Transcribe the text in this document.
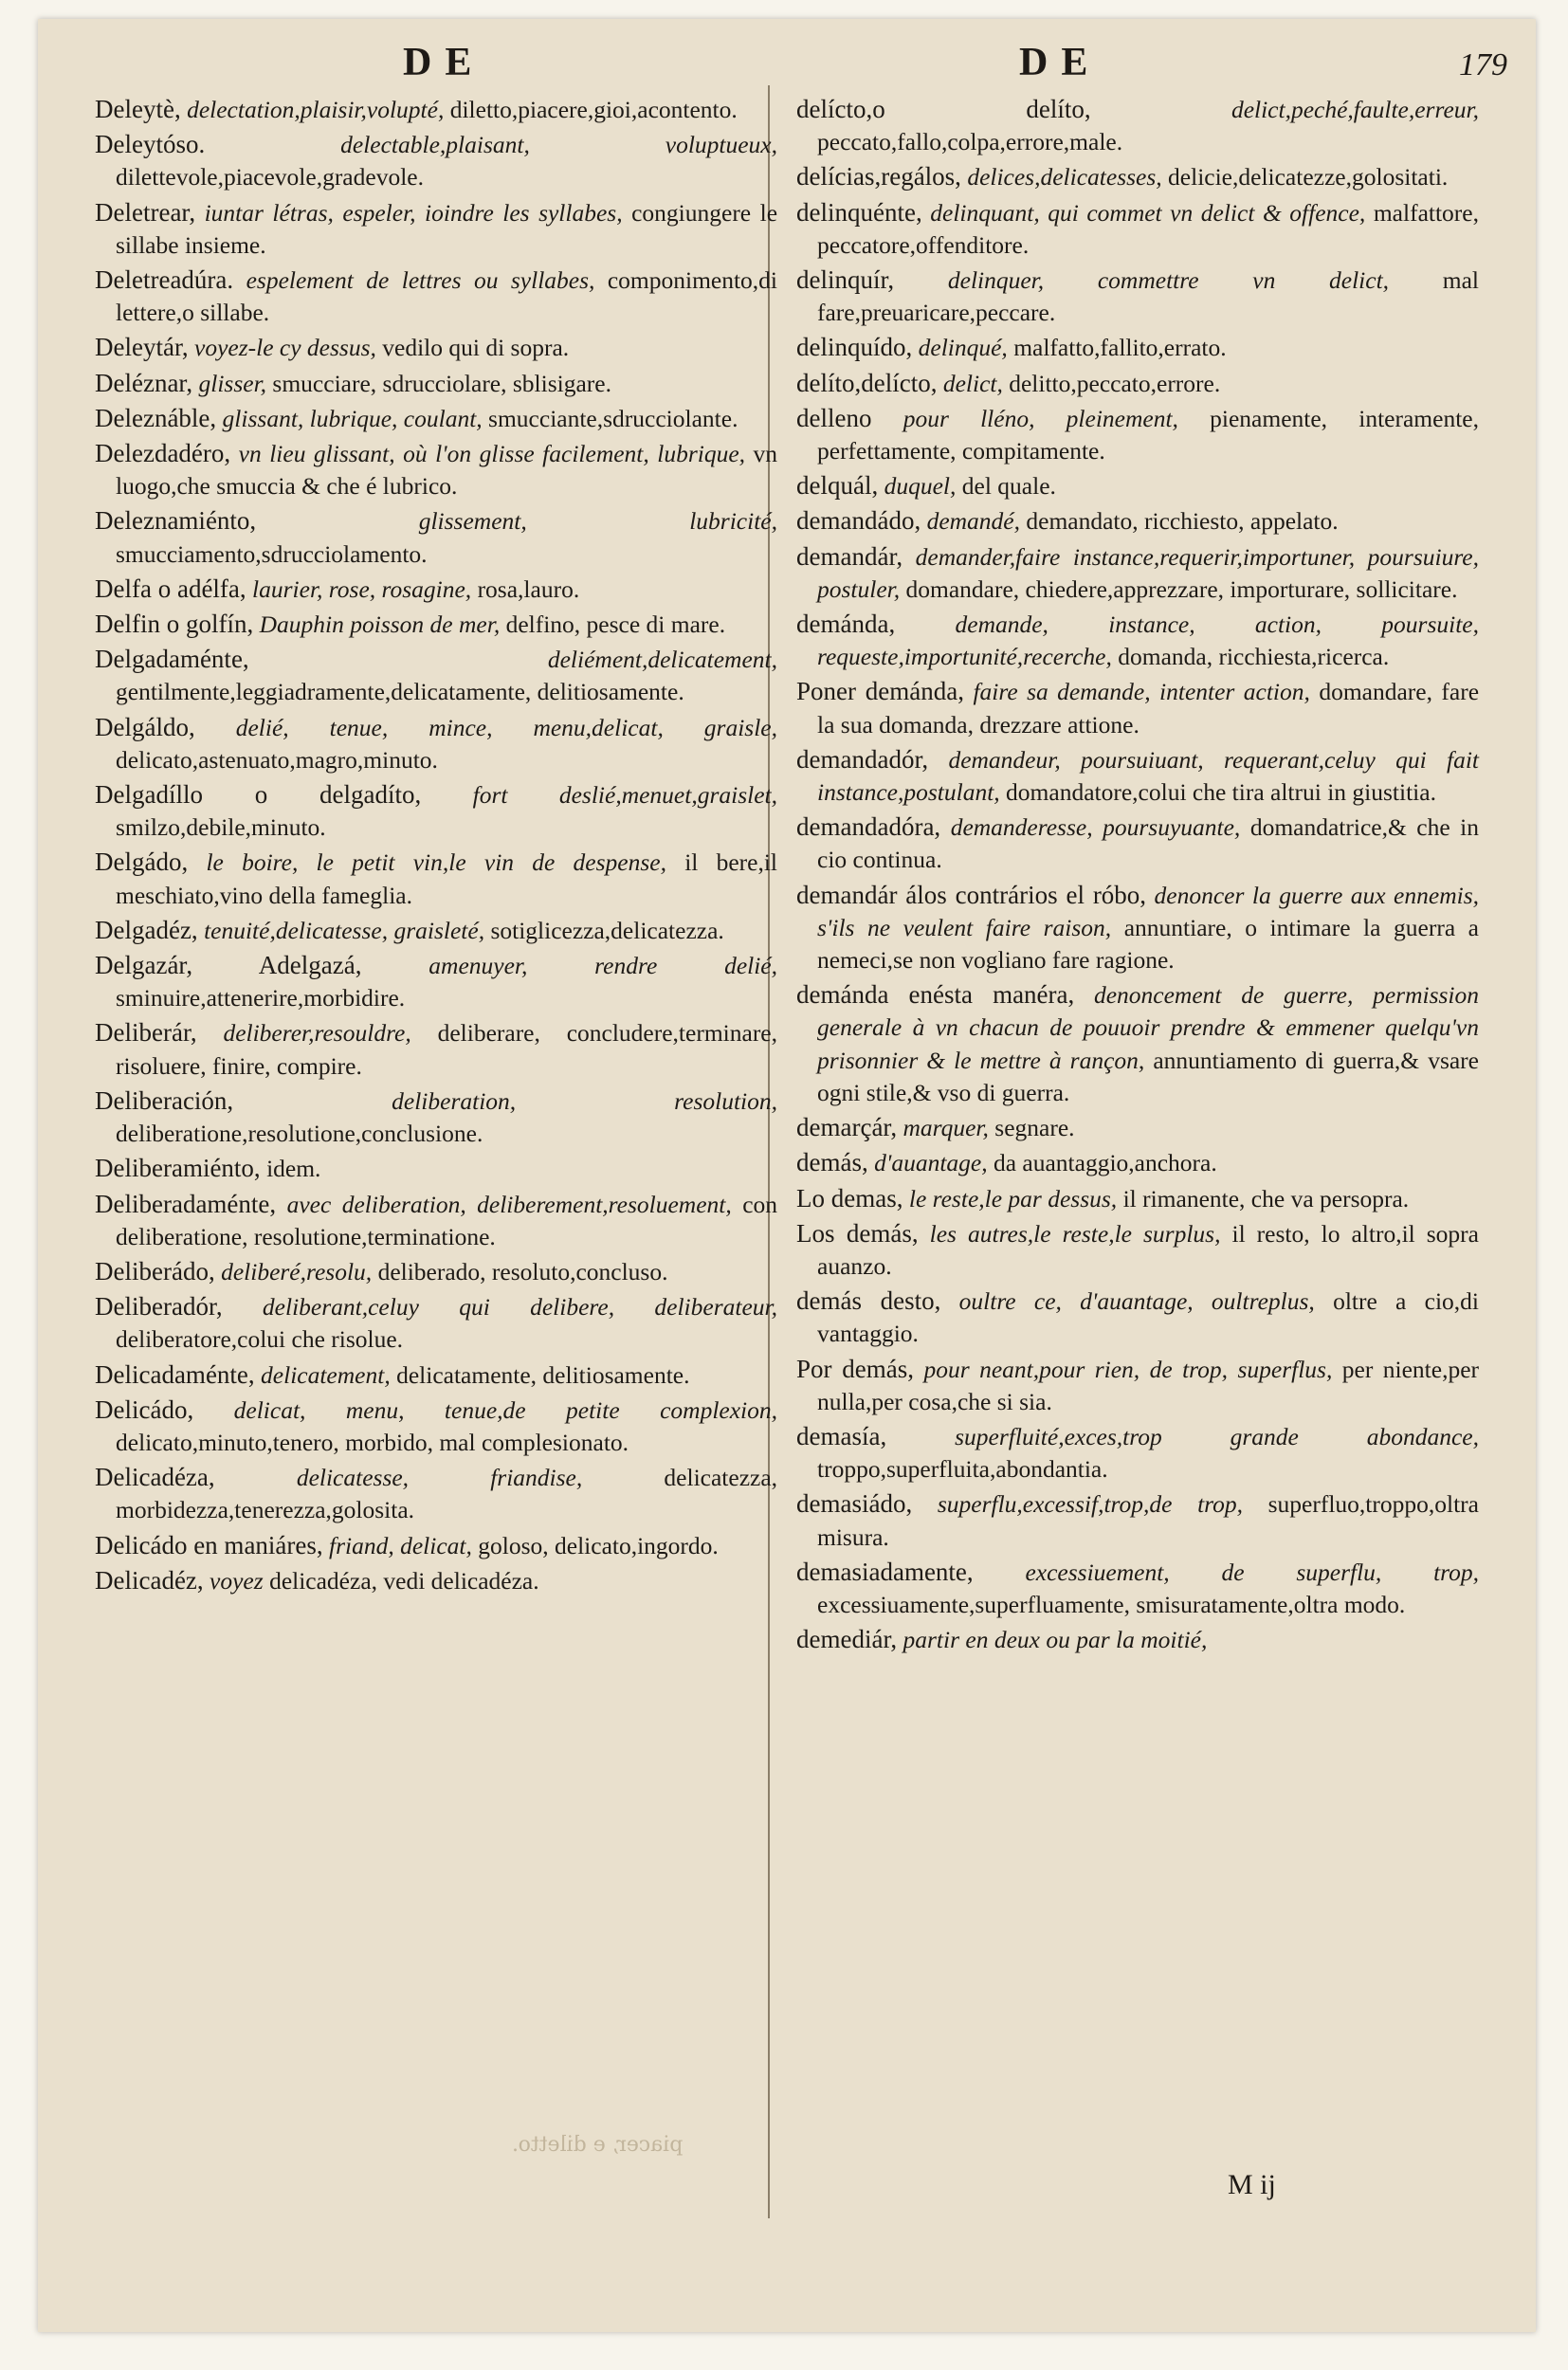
DE	DE	179

Deleytè, delectation,plaisir,volupté, diletto,piacere,gioi,acontento.

Deleytóso.	delectable,plaisant, voluptueux, dilettevole,piacevole,gradevole.

Deletrear, iuntar létras, espeler, ioindre les syllabes, congiungere le sillabe insieme.

Deletreadúra. espelement de lettres ou syllabes, componimento,di lettere,o sillabe.

Deleytár, voyez-le cy dessus, vedilo qui di sopra.

Deléznar, glisser, smucciare, sdrucciolare, sblisigare.

Deleznáble, glissant, lubrique, coulant, smucciante,sdrucciolante.

Delezdadéro, vn lieu glissant, où l'on glisse facilement, lubrique, vn luogo,che smuccia & che é lubrico.

Deleznamiénto,	glissement, lubricité, smucciamento,sdrucciolamento.

Delfa o adélfa, laurier, rose, rosagine, rosa,lauro.

Delfin o golfín, Dauphin poisson de mer, delfino, pesce di mare.

Delgadaménte,	deliément,delicatement, gentilmente,leggiadramente,delicatamente, delitiosamente.

Delgáldo, delié, tenue, mince, menu,delicat, graisle, delicato,astenuato,magro,minuto.

Delgadíllo o delgadíto, fort deslié,menuet,graislet, smilzo,debile,minuto.

Delgádo, le boire, le petit vin,le vin de despense, il bere,il meschiato,vino della fameglia.

Delgadéz, tenuité,delicatesse, graisleté, sotiglicezza,delicatezza.

Delgazár, Adelgazá,	amenuyer, rendre delié, sminuire,attenerire,morbidire.

Deliberár, deliberer,resouldre, deliberare, concludere,terminare, risoluere, finire, compire.

Deliberación,	deliberation, resolution, deliberatione,resolutione,conclusione.

Deliberamiénto, idem.

Deliberadaménte, avec deliberation, deliberement,resoluement, con deliberatione, resolutione,terminatione.

Deliberádo, deliberé,resolu, deliberado, resoluto,concluso.

Deliberadór, deliberant,celuy qui delibere, deliberateur, deliberatore,colui che risolue.

Delicadaménte, delicatement, delicatamente, delitiosamente.

Delicádo, delicat, menu, tenue,de petite complexion, delicato,minuto,tenero, morbido, mal complesionato.

Delicadéza,	delicatesse, friandise,	delicatezza, morbidezza,tenerezza,golosita.

Delicádo en maniáres, friand, delicat, goloso, delicato,ingordo.

Delicadéz, voyez delicadéza, vedi delicadéza.

delícto,o delíto,	delict,peché,faulte,erreur, peccato,fallo,colpa,errore,male.

delícias,regálos, delices,delicatesses, delicie,delicatezze,golositati.

delinquénte, delinquant, qui commet vn delict & offence, malfattore, peccatore,offenditore.

delinquír, delinquer, commettre vn delict, mal fare,preuaricare,peccare.

delinquído, delinqué, malfatto,fallito,errato.

delíto,delícto, delict, delitto,peccato,errore.

delleno pour lléno, pleinement, pienamente, interamente, perfettamente, compitamente.

delquál, duquel, del quale.

demandádo, demandé, demandato, ricchiesto, appelato.

demandár, demander,faire instance,requerir,importuner, poursuiure, postuler, domandare, chiedere,apprezzare, importurare, sollicitare.

demánda, demande, instance, action, poursuite, requeste,importunité,recerche, domanda, ricchiesta,ricerca.

Poner demánda, faire sa demande, intenter action, domandare, fare la sua domanda, drezzare attione.

demandadór, demandeur, poursuiuant, requerant,celuy qui fait instance,postulant, domandatore,colui che tira altrui in giustitia.

demandadóra, demanderesse, poursuyuante, domandatrice,& che in cio continua.

demandár álos contrários el róbo, denoncer la guerre aux ennemis, s'ils ne veulent faire raison, annuntiare, o intimare la guerra a nemeci,se non vogliano fare ragione.

demánda enésta manéra, denoncement de guerre, permission generale à vn chacun de pouuoir prendre & emmener quelqu'vn prisonnier & le mettre à rançon, annuntiamento di guerra,& vsare ogni stile,& vso di guerra.

demarçár, marquer, segnare.

demás, d'auantage, da auantaggio,anchora.

Lo demas, le reste,le par dessus, il rimanente, che va persopra.

Los demás, les autres,le reste,le surplus, il resto, lo altro,il sopra auanzo.

demás desto, oultre ce, d'auantage, oultreplus, oltre a cio,di vantaggio.

Por demás, pour neant,pour rien, de trop, superflus, per niente,per nulla,per cosa,che si sia.

demasía,	superfluité,exces,trop grande abondance, troppo,superfluita,abondantia.

demasiádo, superflu,excessif,trop,de trop, superfluo,troppo,oltra misura.

demasiadamente, excessiuement, de superflu, trop, excessiuamente,superfluamente, smisuratamente,oltra modo.

demediár, partir en deux ou par la moitié,

piacer, e diletto.
M ij
